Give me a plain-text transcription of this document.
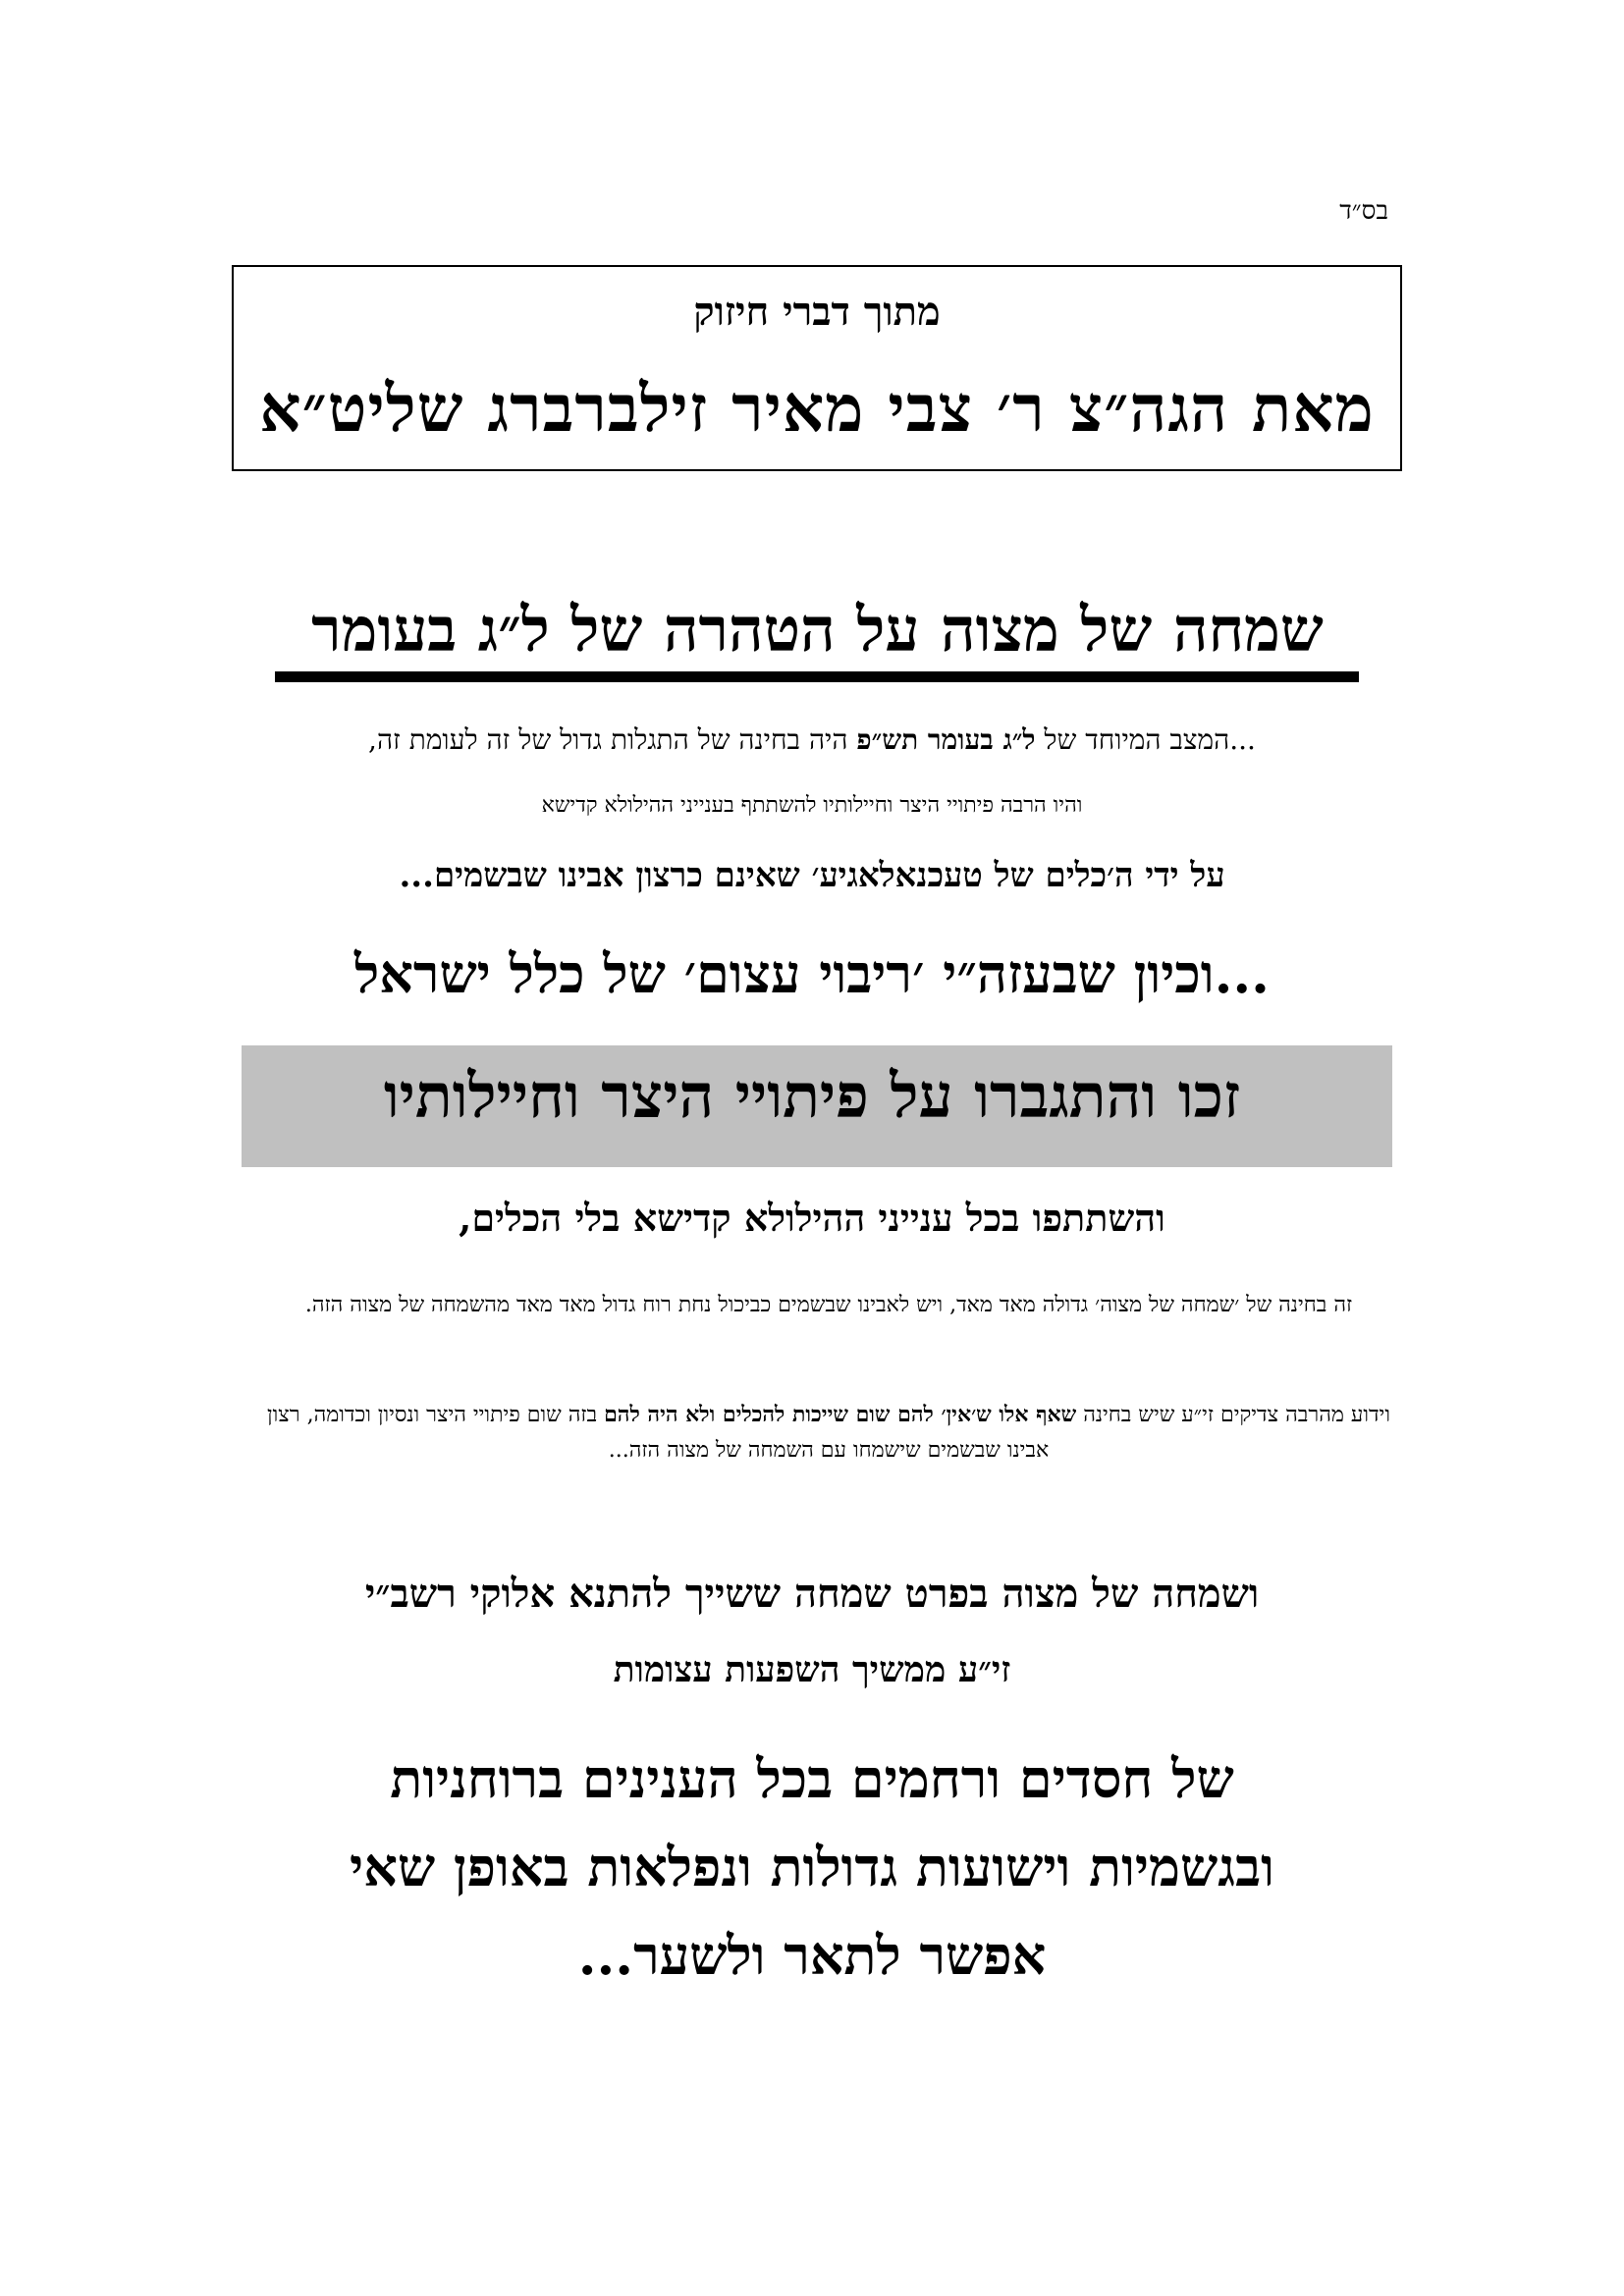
בס״ד
מתוך דברי חיזוק
מאת הגה״צ ר׳ צבי מאיר זילברברג שליט״א
שמחה של מצוה על הטהרה של ל״ג בעומר
...המצב המיוחד של ל״ג בעומר תש״פ היה בחינה של התגלות גדול של זה לעומת זה,
והיו הרבה פיתויי היצר וחיילותיו להשתתף בענייני ההילולא קדישא
על ידי ה׳כלים של טעכנאלאגיע׳ שאינם כרצון אבינו שבשמים...
...וכיון שבעזה״י ׳ריבוי עצום׳ של כלל ישראל
זכו והתגברו על פיתויי היצר וחיילותיו
והשתתפו בכל ענייני ההילולא קדישא בלי הכלים,
זה בחינה של ׳שמחה של מצוה׳ גדולה מאד מאד, ויש לאבינו שבשמים כביכול נחת רוח גדול מאד מאד מהשמחה של מצוה הזה.
וידוע מהרבה צדיקים זי״ע שיש בחינה שאף אלו ש׳אין׳ להם שום שייכות להכלים ולא היה להם בזה שום פיתויי היצר ונסיון וכדומה, רצון אבינו שבשמים שישמחו עם השמחה של מצוה הזה...
ושמחה של מצוה בפרט שמחה ששייך להתנא אלוקי רשב״י
זי״ע ממשיך השפעות עצומות
של חסדים ורחמים בכל הענינים ברוחניות
ובגשמיות וישועות גדולות ונפלאות באופן שאי
אפשר לתאר ולשער...
